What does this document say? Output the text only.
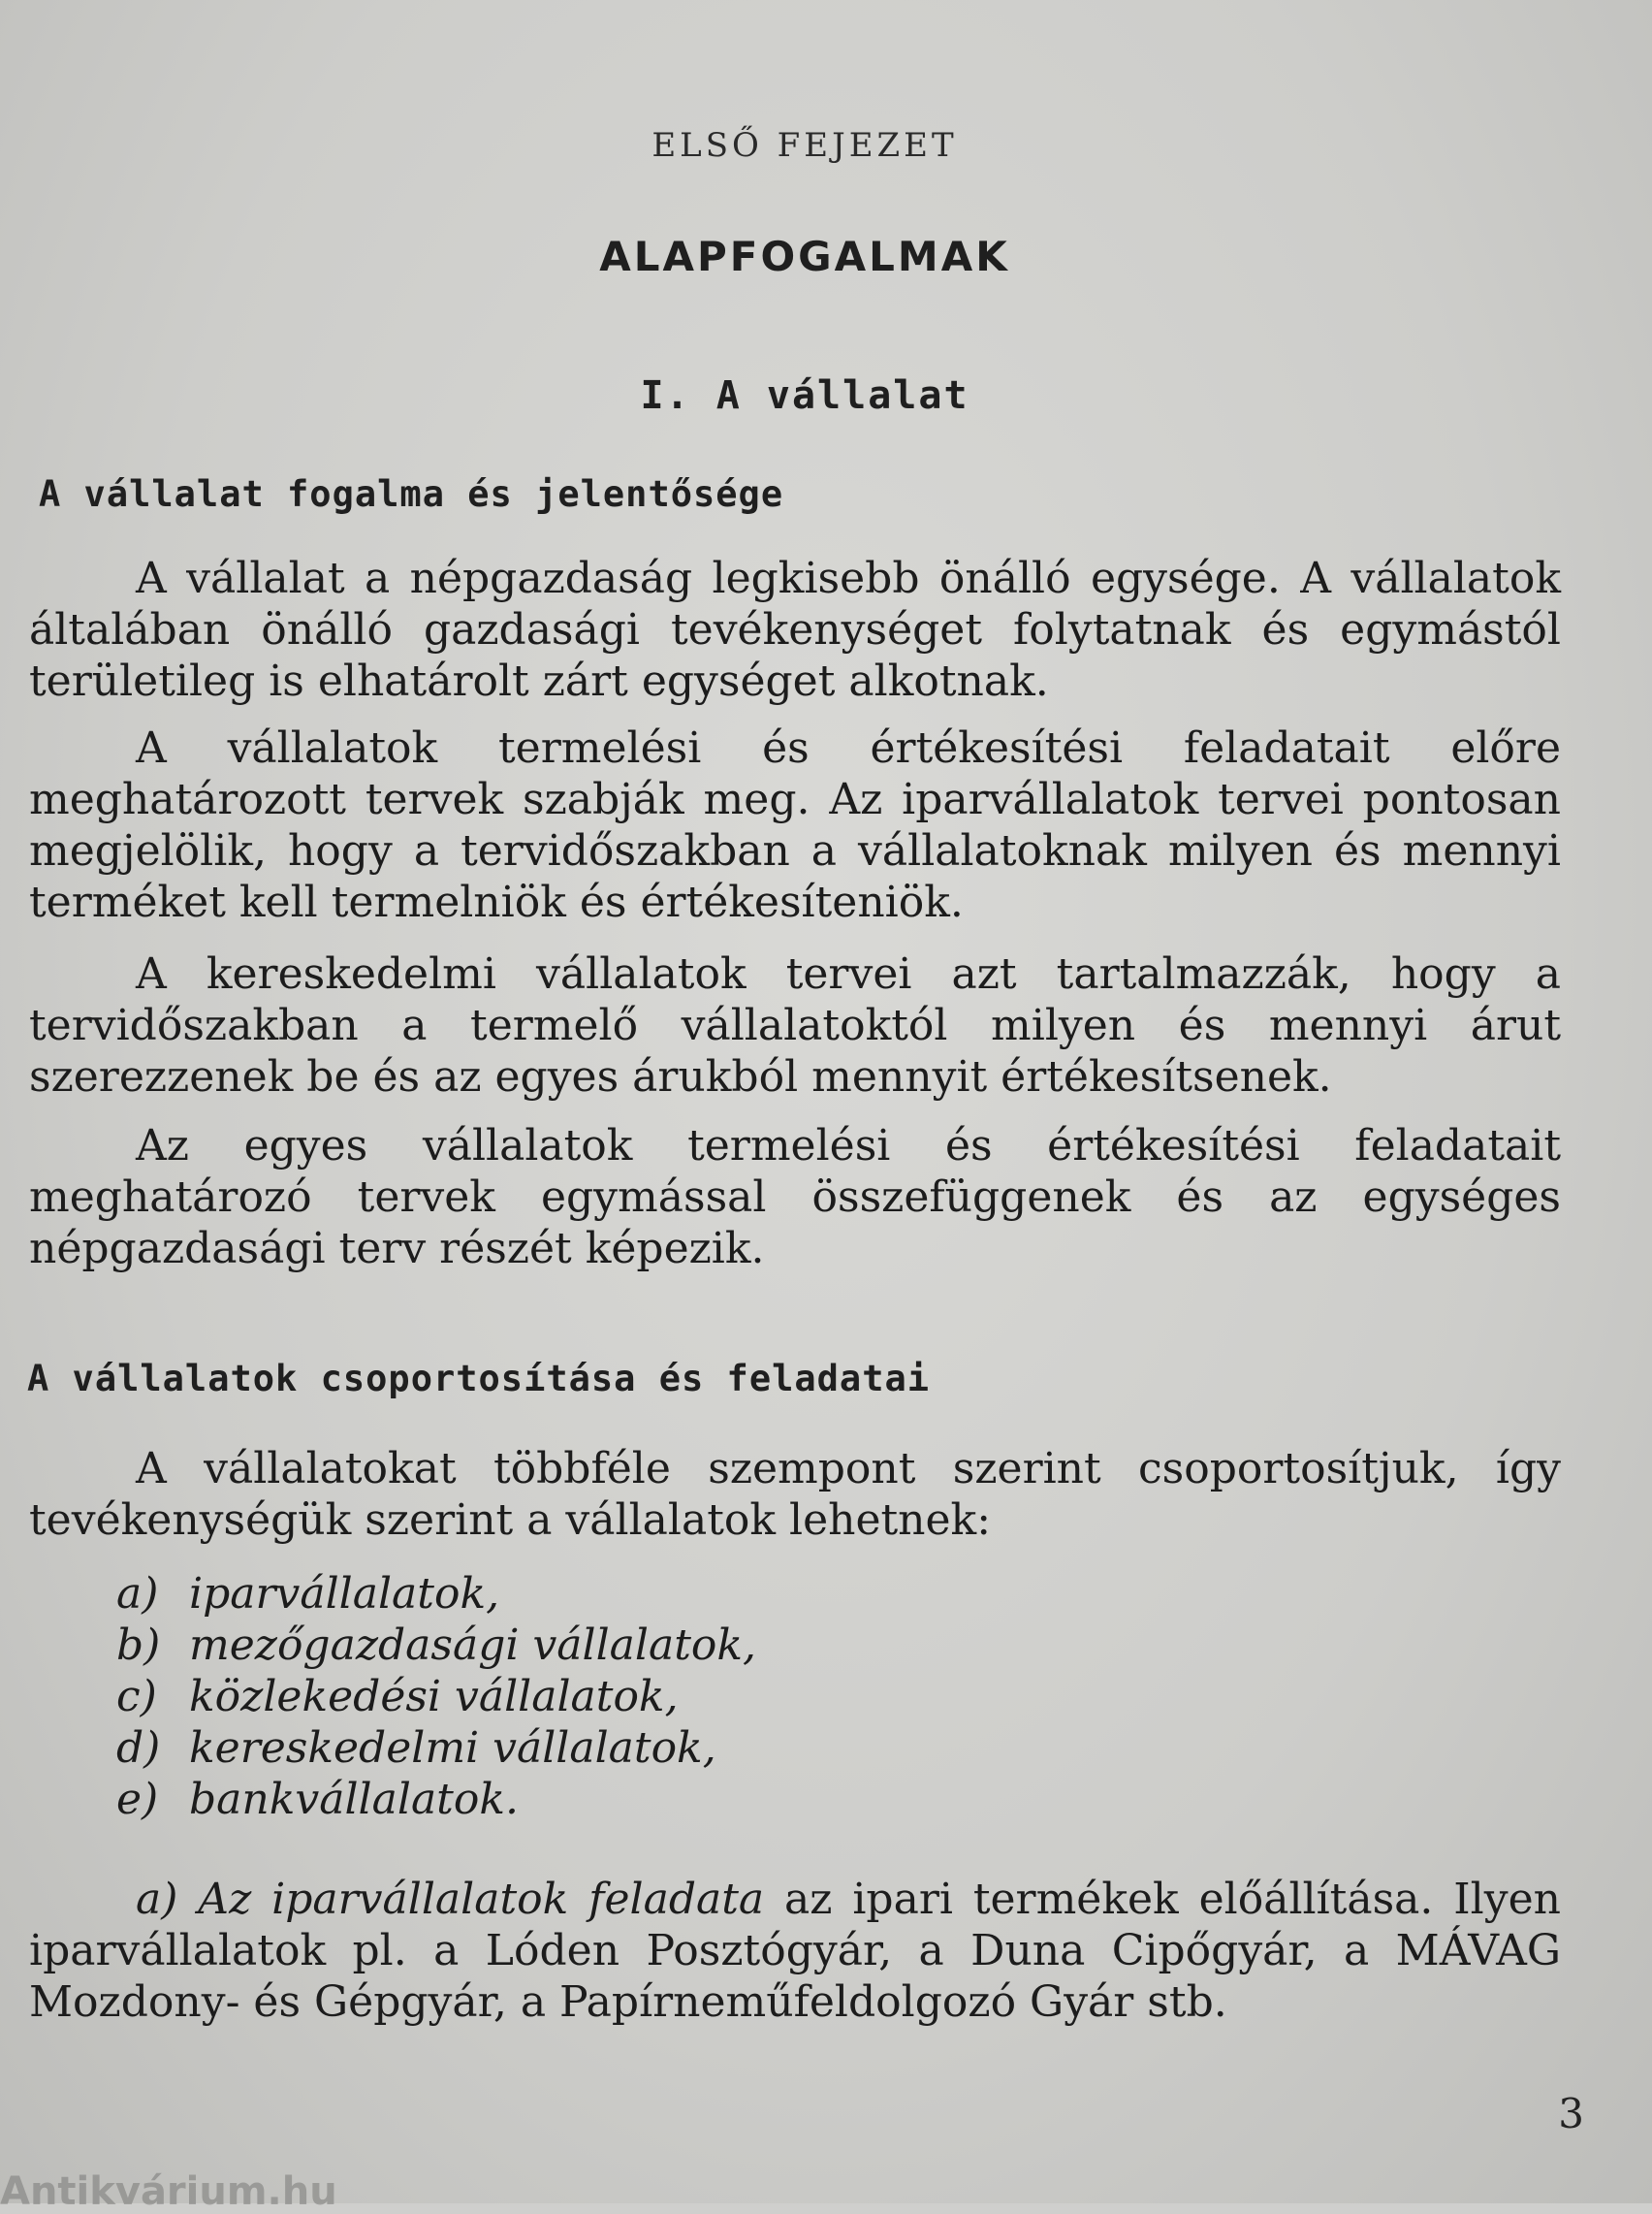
ELSŐ FEJEZET
ALAPFOGALMAK
I. A vállalat
A vállalat fogalma és jelentősége
A vállalat a népgazdaság legkisebb önálló egysége. A vállalatok általában önálló gazdasági tevékenységet folytatnak és egymástól területileg is elhatárolt zárt egységet alkotnak.
A vállalatok termelési és értékesítési feladatait előre meghatározott tervek szabják meg. Az iparvállalatok tervei pontosan megjelölik, hogy a tervidőszakban a vállalatoknak milyen és mennyi terméket kell termelniök és értékesíteniök.
A kereskedelmi vállalatok tervei azt tartalmazzák, hogy a tervidőszakban a termelő vállalatoktól milyen és mennyi árut szerezzenek be és az egyes árukból mennyit értékesítsenek.
Az egyes vállalatok termelési és értékesítési feladatait meghatározó tervek egymással összefüggenek és az egységes népgazdasági terv részét képezik.
A vállalatok csoportosítása és feladatai
A vállalatokat többféle szempont szerint csoportosítjuk, így tevékenységük szerint a vállalatok lehetnek:
a) iparvállalatok,
b) mezőgazdasági vállalatok,
c) közlekedési vállalatok,
d) kereskedelmi vállalatok,
e) bankvállalatok.
a) Az iparvállalatok feladata az ipari termékek előállítása. Ilyen iparvállalatok pl. a Lóden Posztógyár, a Duna Cipőgyár, a MÁVAG Mozdony- és Gépgyár, a Papírneműfeldolgozó Gyár stb.
3
Antikvárium.hu
